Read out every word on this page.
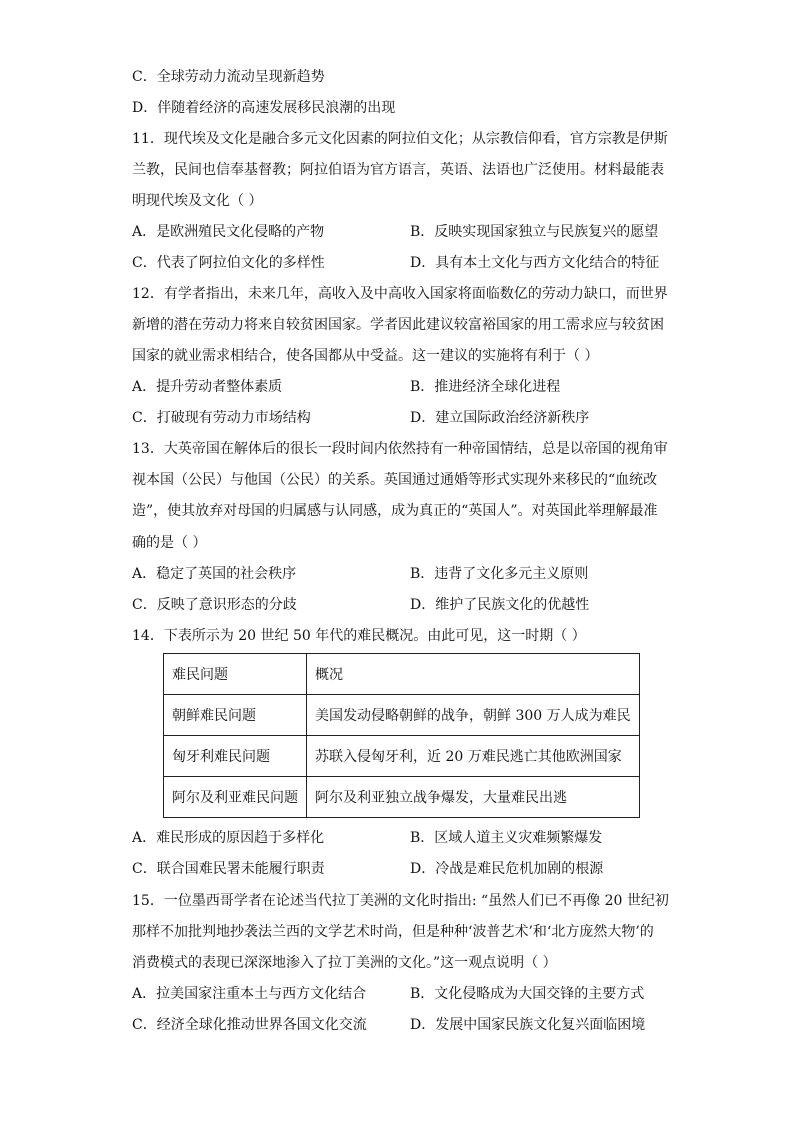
C．全球劳动力流动呈现新趋势
D．伴随着经济的高速发展移民浪潮的出现
11．现代埃及文化是融合多元文化因素的阿拉伯文化；从宗教信仰看，官方宗教是伊斯
兰教，民间也信奉基督教；阿拉伯语为官方语言，英语、法语也广泛使用。材料最能表
明现代埃及文化（ ）
A．是欧洲殖民文化侵略的产物	B．反映实现国家独立与民族复兴的愿望
C．代表了阿拉伯文化的多样性	D．具有本土文化与西方文化结合的特征
12．有学者指出，未来几年，高收入及中高收入国家将面临数亿的劳动力缺口，而世界
新增的潜在劳动力将来自较贫困国家。学者因此建议较富裕国家的用工需求应与较贫困
国家的就业需求相结合，使各国都从中受益。这一建议的实施将有利于（ ）
A．提升劳动者整体素质	B．推进经济全球化进程
C．打破现有劳动力市场结构	D．建立国际政治经济新秩序
13．大英帝国在解体后的很长一段时间内依然持有一种帝国情结，总是以帝国的视角审
视本国（公民）与他国（公民）的关系。英国通过通婚等形式实现外来移民的“血统改
造”，使其放弃对母国的归属感与认同感，成为真正的“英国人”。对英国此举理解最准
确的是（ ）
A．稳定了英国的社会秩序	B．违背了文化多元主义原则
C．反映了意识形态的分歧	D．维护了民族文化的优越性
14．下表所示为 20 世纪 50 年代的难民概况。由此可见，这一时期（ ）
难民问题	概况
朝鲜难民问题	美国发动侵略朝鲜的战争，朝鲜 300 万人成为难民
匈牙利难民问题	苏联入侵匈牙利，近 20 万难民逃亡其他欧洲国家
阿尔及利亚难民问题	阿尔及利亚独立战争爆发，大量难民出逃
A．难民形成的原因趋于多样化	B．区域人道主义灾难频繁爆发
C．联合国难民署未能履行职责	D．冷战是难民危机加剧的根源
15．一位墨西哥学者在论述当代拉丁美洲的文化时指出: “虽然人们已不再像 20 世纪初
那样不加批判地抄袭法兰西的文学艺术时尚，但是种种‘波普艺术’和‘北方庞然大物’的
消费模式的表现已深深地渗入了拉丁美洲的文化。”这一观点说明（ ）
A．拉美国家注重本土与西方文化结合	B．文化侵略成为大国交锋的主要方式
C．经济全球化推动世界各国文化交流	D．发展中国家民族文化复兴面临困境
